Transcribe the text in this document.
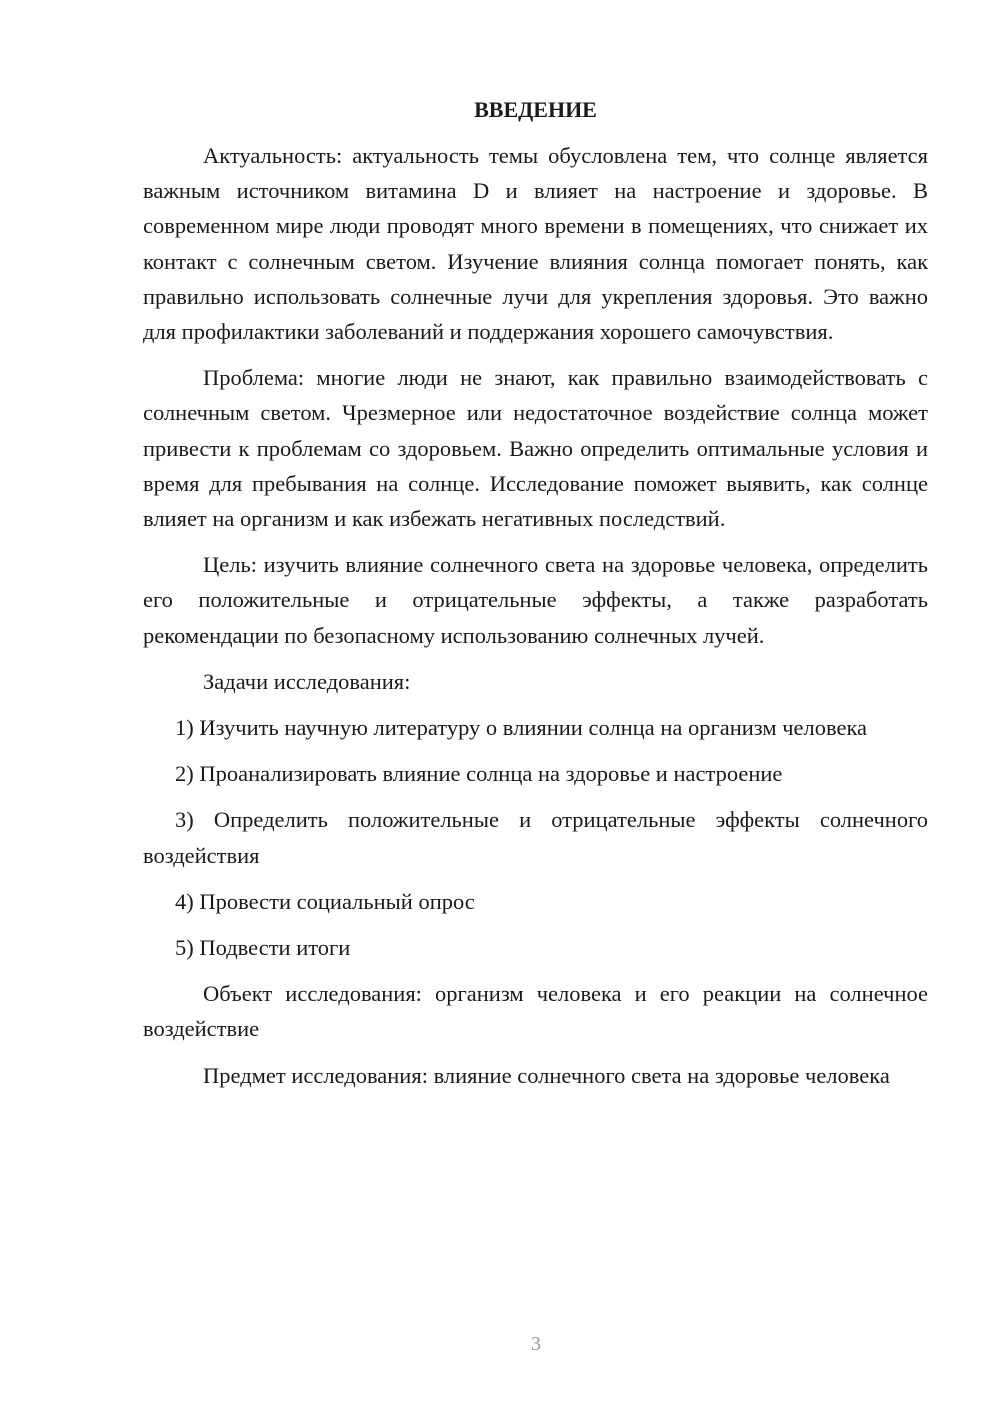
ВВЕДЕНИЕ

Актуальность: актуальность темы обусловлена тем, что солнце является важным источником витамина D и влияет на настроение и здоровье. В современном мире люди проводят много времени в помещениях, что снижает их контакт с солнечным светом. Изучение влияния солнца помогает понять, как правильно использовать солнечные лучи для укрепления здоровья. Это важно для профилактики заболеваний и поддержания хорошего самочувствия.

Проблема: многие люди не знают, как правильно взаимодействовать с солнечным светом. Чрезмерное или недостаточное воздействие солнца может привести к проблемам со здоровьем. Важно определить оптимальные условия и время для пребывания на солнце. Исследование поможет выявить, как солнце влияет на организм и как избежать негативных последствий.

Цель: изучить влияние солнечного света на здоровье человека, определить его положительные и отрицательные эффекты, а также разработать рекомендации по безопасному использованию солнечных лучей.

Задачи исследования:

1) Изучить научную литературу о влиянии солнца на организм человека

2) Проанализировать влияние солнца на здоровье и настроение

3) Определить положительные и отрицательные эффекты солнечного воздействия

4) Провести социальный опрос

5) Подвести итоги

Объект исследования: организм человека и его реакции на солнечное воздействие

Предмет исследования: влияние солнечного света на здоровье человека

3
